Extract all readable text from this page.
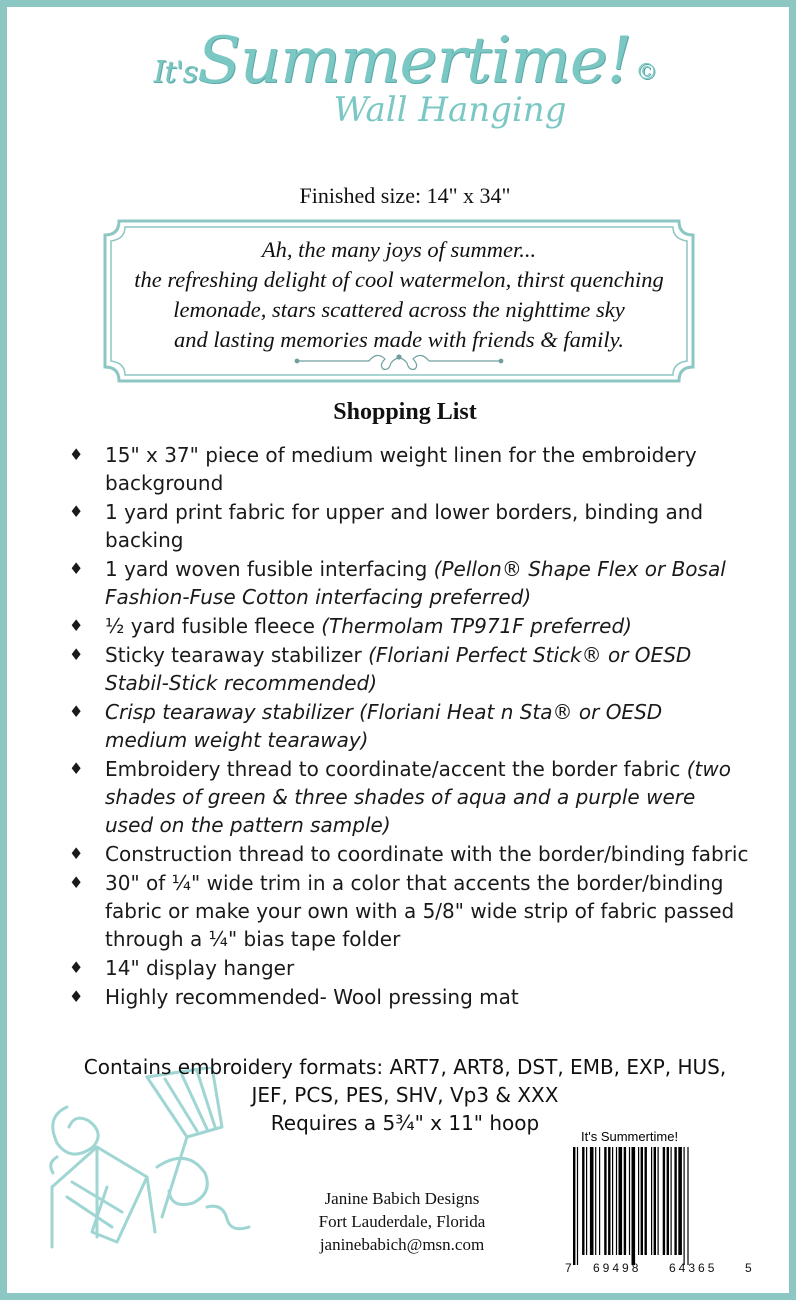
$^{It's}$Summertime! ©
Wall Hanging
Finished size: 14" x 34"
Ah, the many joys of summer...
the refreshing delight of cool watermelon, thirst quenching
lemonade, stars scattered across the nighttime sky
and lasting memories made with friends & family.
Shopping List
♦ 15" x 37" piece of medium weight linen for the embroidery background
♦ 1 yard print fabric for upper and lower borders, binding and backing
♦ 1 yard woven fusible interfacing (Pellon® Shape Flex or Bosal Fashion-Fuse Cotton interfacing preferred)
♦ ½ yard fusible fleece (Thermolam TP971F preferred)
♦ Sticky tearaway stabilizer (Floriani Perfect Stick® or OESD Stabil-Stick recommended)
♦ Crisp tearaway stabilizer (Floriani Heat n Sta® or OESD medium weight tearaway)
♦ Embroidery thread to coordinate/accent the border fabric (two shades of green & three shades of aqua and a purple were used on the pattern sample)
♦ Construction thread to coordinate with the border/binding fabric
♦ 30" of ¼" wide trim in a color that accents the border/binding fabric or make your own with a 5/8" wide strip of fabric passed through a ¼" bias tape folder
♦ 14" display hanger
♦ Highly recommended- Wool pressing mat
Contains embroidery formats: ART7, ART8, DST, EMB, EXP, HUS,
JEF, PCS, PES, SHV, Vp3 & XXX
Requires a 5¾" x 11" hoop
Janine Babich Designs
Fort Lauderdale, Florida
janinebabich@msn.com
It's Summertime!
7 69498 64365 5
